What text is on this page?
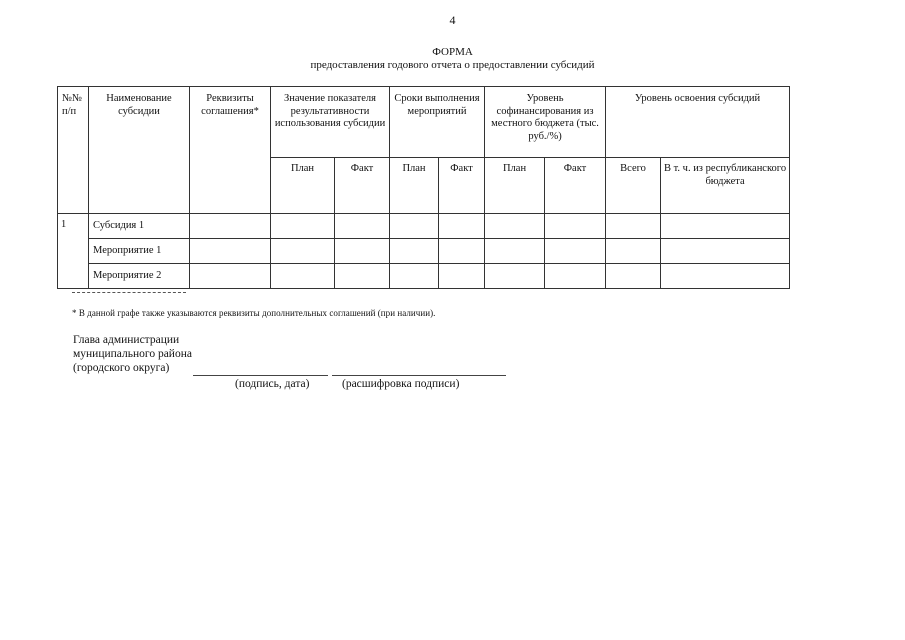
4
ФОРМА
предоставления годового отчета о предоставлении субсидий
№№ п/п	Наименование субсидии	Реквизиты соглашения*	Значение показателя результативности использования субсидии		Сроки выполнения мероприятий		Уровень софинансирования из местного бюджета (тыс. руб./%)		Уровень освоения субсидий	
			План	Факт	План	Факт	План	Факт	Всего	В т. ч. из республиканского бюджета
1	Субсидия 1									
	Мероприятие 1									
	Мероприятие 2									
* В данной графе также указываются реквизиты дополнительных соглашений (при наличии).
Глава администрации
муниципального района
(городского округа)
(подпись, дата)	(расшифровка подписи)
